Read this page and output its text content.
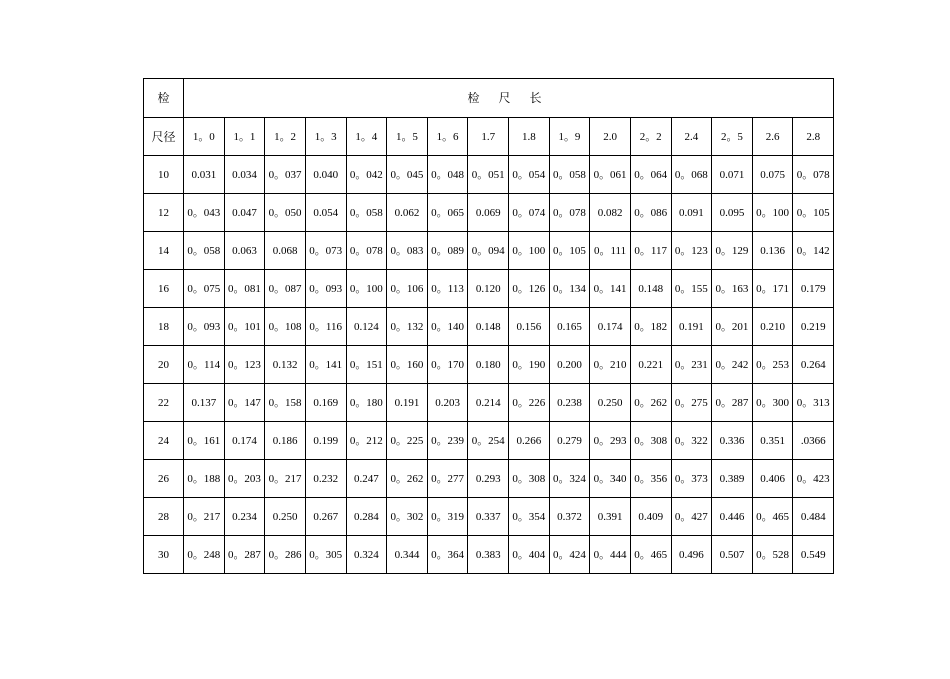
检	检 尺 长															
尺径	1。0	1。1	1。2	1。3	1。4	1。5	1。6	1.7	1.8	1。9	2.0	2。2	2.4	2。5	2.6	2.8
10	0.031	0.034	0。037	0.040	0。042	0。045	0。048	0。051	0。054	0。058	0。061	0。064	0。068	0.071	0.075	0。078
12	0。043	0.047	0。050	0.054	0。058	0.062	0。065	0.069	0。074	0。078	0.082	0。086	0.091	0.095	0。100	0。105
14	0。058	0.063	0.068	0。073	0。078	0。083	0。089	0。094	0。100	0。105	0。111	0。117	0。123	0。129	0.136	0。142
16	0。075	0。081	0。087	0。093	0。100	0。106	0。113	0.120	0。126	0。134	0。141	0.148	0。155	0。163	0。171	0.179
18	0。093	0。101	0。108	0。116	0.124	0。132	0。140	0.148	0.156	0.165	0.174	0。182	0.191	0。201	0.210	0.219
20	0。114	0。123	0.132	0。141	0。151	0。160	0。170	0.180	0。190	0.200	0。210	0.221	0。231	0。242	0。253	0.264
22	0.137	0。147	0。158	0.169	0。180	0.191	0.203	0.214	0。226	0.238	0.250	0。262	0。275	0。287	0。300	0。313
24	0。161	0.174	0.186	0.199	0。212	0。225	0。239	0。254	0.266	0.279	0。293	0。308	0。322	0.336	0.351	.0366
26	0。188	0。203	0。217	0.232	0.247	0。262	0。277	0.293	0。308	0。324	0。340	0。356	0。373	0.389	0.406	0。423
28	0。217	0.234	0.250	0.267	0.284	0。302	0。319	0.337	0。354	0.372	0.391	0.409	0。427	0.446	0。465	0.484
30	0。248	0。287	0。286	0。305	0.324	0.344	0。364	0.383	0。404	0。424	0。444	0。465	0.496	0.507	0。528	0.549
